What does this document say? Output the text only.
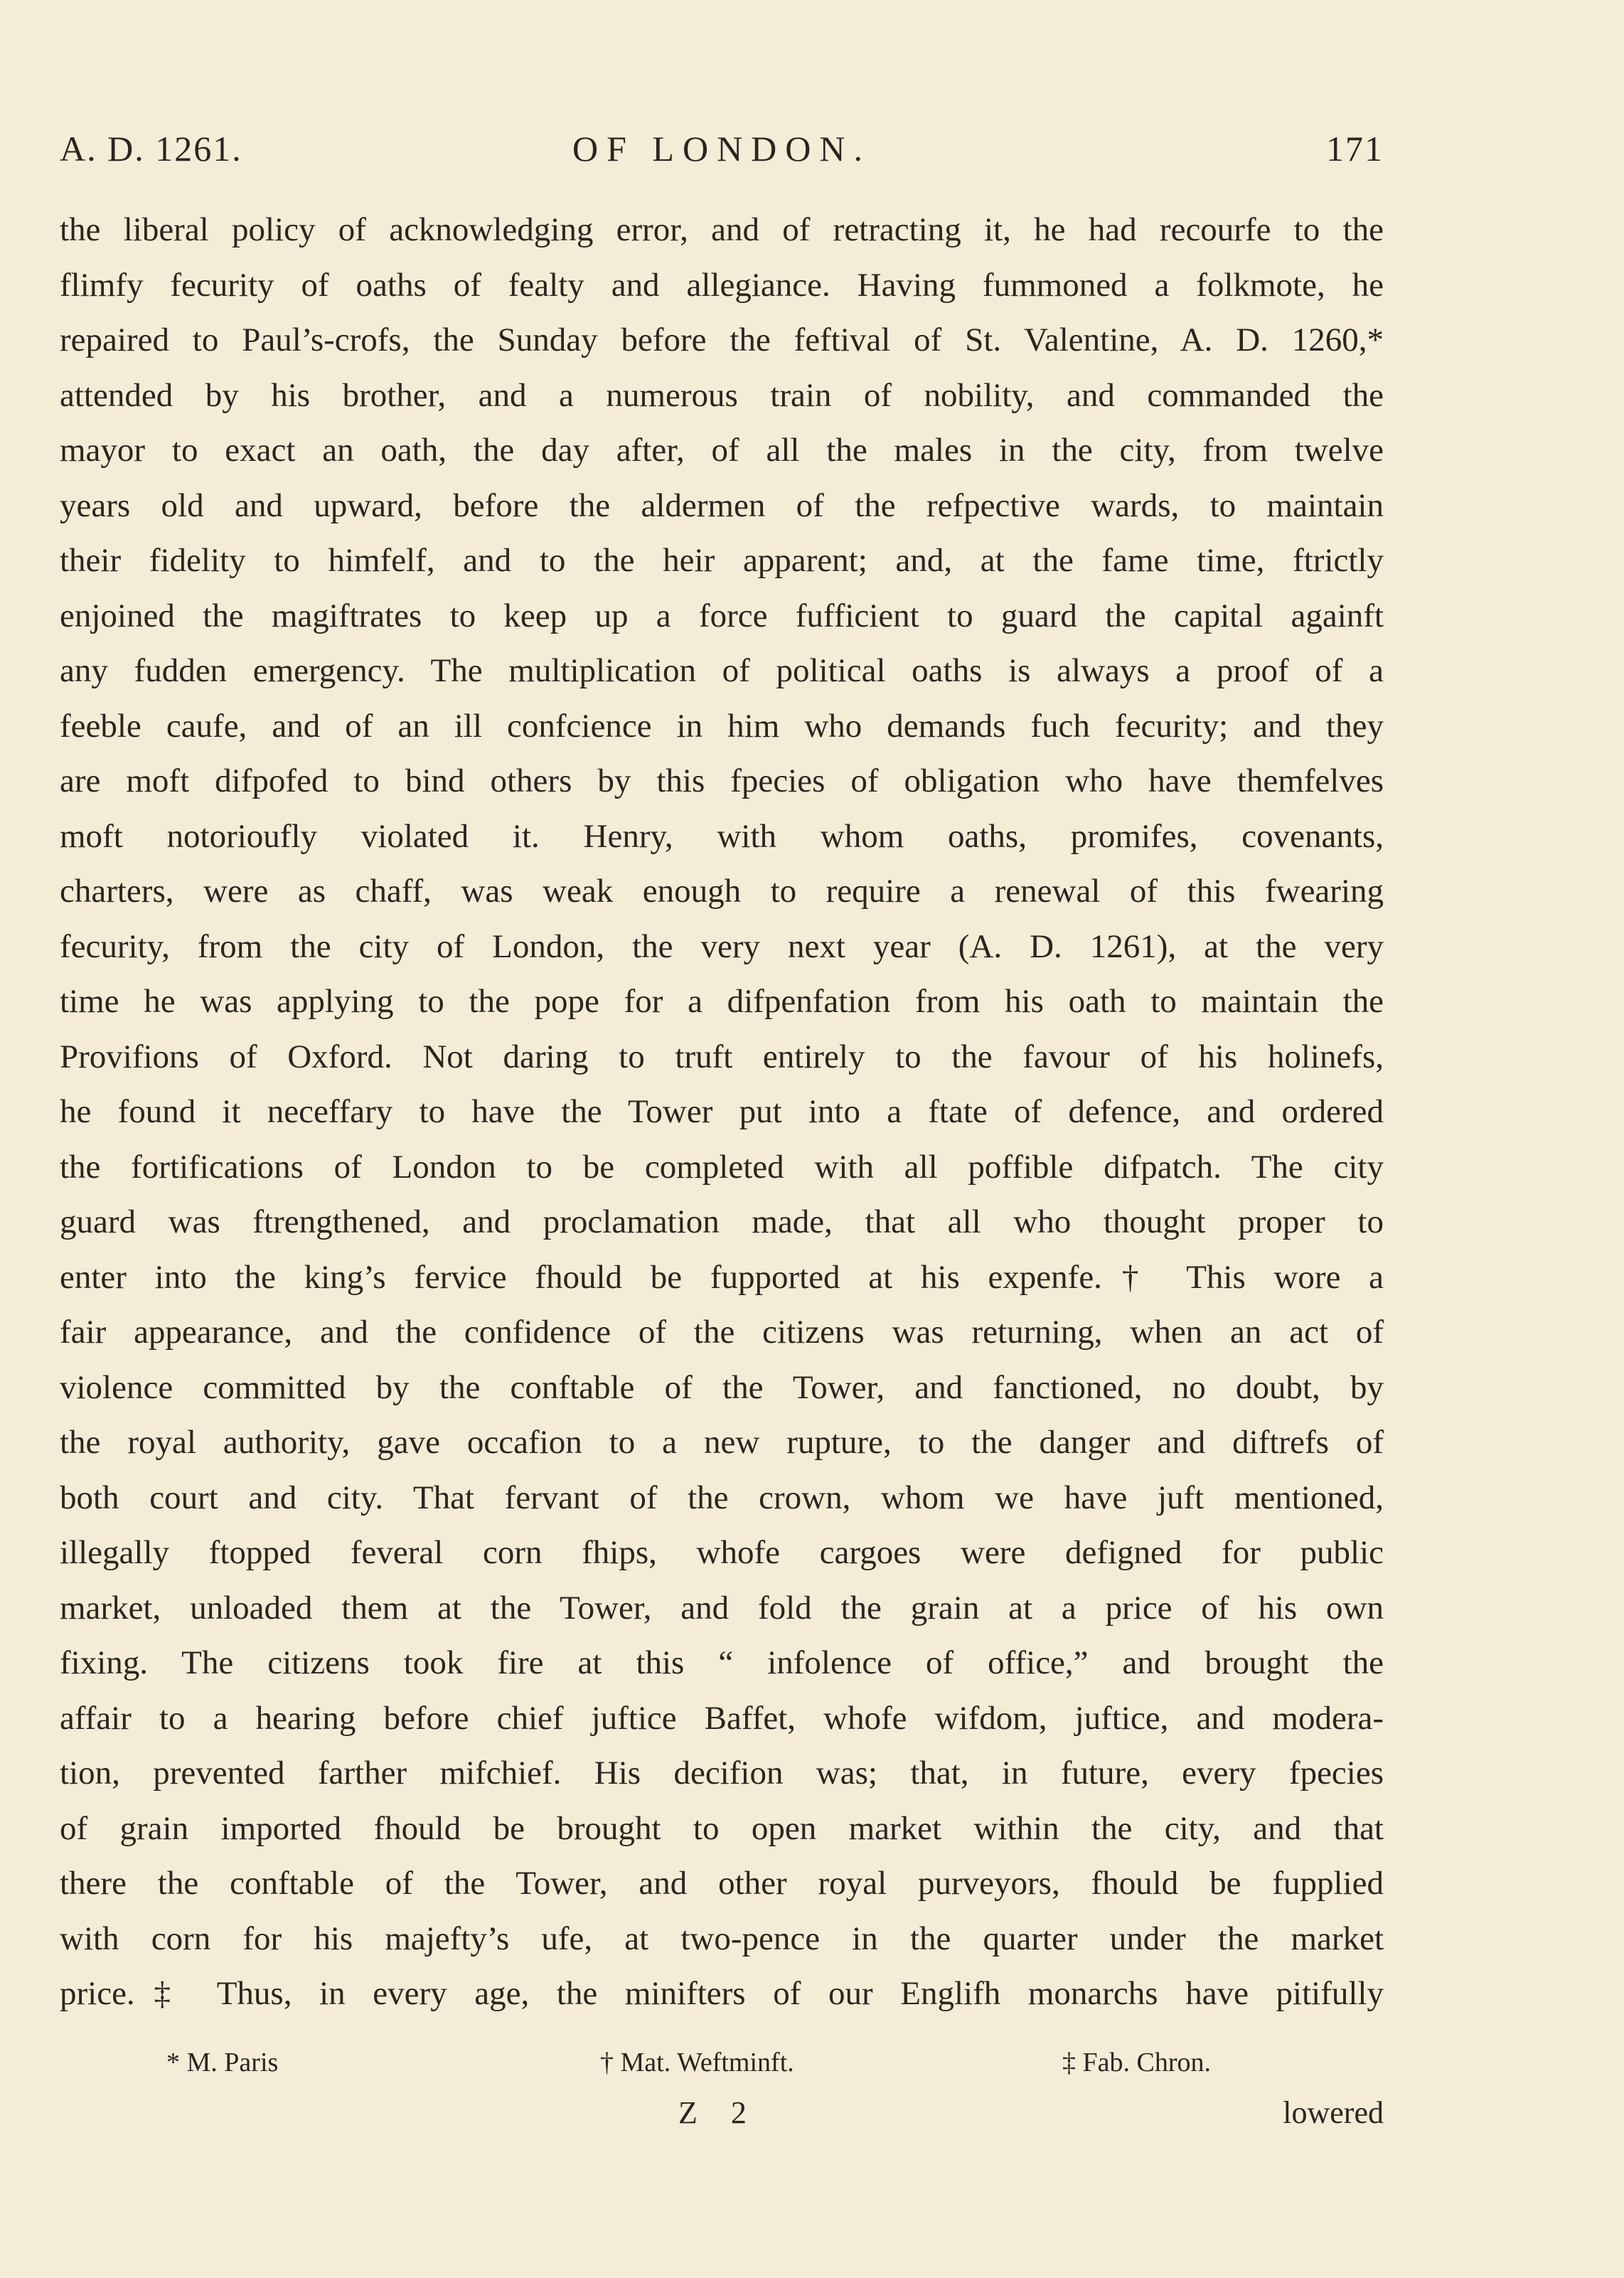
A. D. 1261.	OF LONDON.	171
the liberal policy of acknowledging error, and of retracting it, he had recourfe to the
flimfy fecurity of oaths of fealty and allegiance. Having fummoned a folkmote, he
repaired to Paul’s-crofs, the Sunday before the feftival of St. Valentine, A. D. 1260,*
attended by his brother, and a numerous train of nobility, and commanded the
mayor to exact an oath, the day after, of all the males in the city, from twelve
years old and upward, before the aldermen of the refpective wards, to maintain
their fidelity to himfelf, and to the heir apparent; and, at the fame time, ftrictly
enjoined the magiftrates to keep up a force fufficient to guard the capital againft
any fudden emergency. The multiplication of political oaths is always a proof of a
feeble caufe, and of an ill confcience in him who demands fuch fecurity; and they
are moft difpofed to bind others by this fpecies of obligation who have themfelves
moft notorioufly violated it. Henry, with whom oaths, promifes, covenants,
charters, were as chaff, was weak enough to require a renewal of this fwearing
fecurity, from the city of London, the very next year (A. D. 1261), at the very
time he was applying to the pope for a difpenfation from his oath to maintain the
Provifions of Oxford. Not daring to truft entirely to the favour of his holinefs,
he found it neceffary to have the Tower put into a ftate of defence, and ordered
the fortifications of London to be completed with all poffible difpatch. The city
guard was ftrengthened, and proclamation made, that all who thought proper to
enter into the king’s fervice fhould be fupported at his expenfe.† This wore a
fair appearance, and the confidence of the citizens was returning, when an act of
violence committed by the conftable of the Tower, and fanctioned, no doubt, by
the royal authority, gave occafion to a new rupture, to the danger and diftrefs of
both court and city. That fervant of the crown, whom we have juft mentioned,
illegally ftopped feveral corn fhips, whofe cargoes were defigned for public
market, unloaded them at the Tower, and fold the grain at a price of his own
fixing. The citizens took fire at this “ infolence of office,” and brought the
affair to a hearing before chief juftice Baffet, whofe wifdom, juftice, and modera-
tion, prevented farther mifchief. His decifion was; that, in future, every fpecies
of grain imported fhould be brought to open market within the city, and that
there the conftable of the Tower, and other royal purveyors, fhould be fupplied
with corn for his majefty’s ufe, at two-pence in the quarter under the market
price.‡ Thus, in every age, the minifters of our Englifh monarchs have pitifully
* M. Paris	† Mat. Weftminft.	‡ Fab. Chron.
Z 2	lowered
